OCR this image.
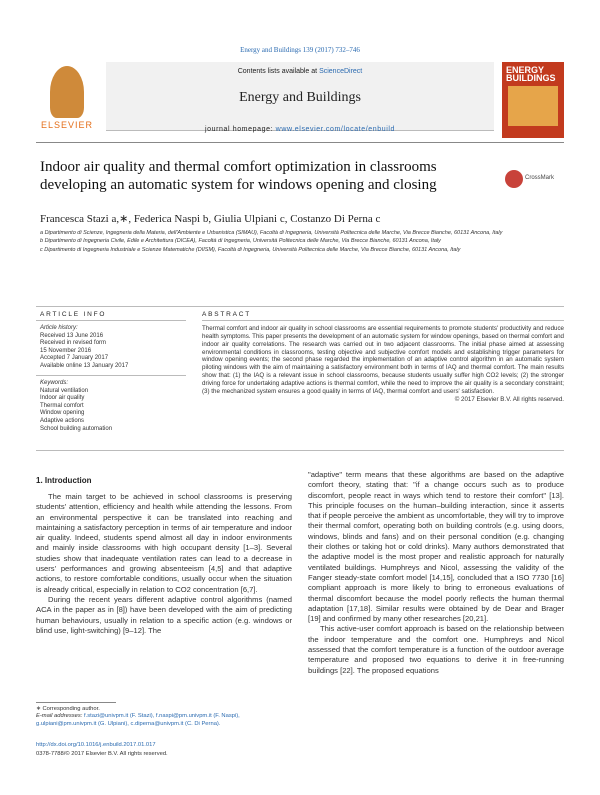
Energy and Buildings 139 (2017) 732–746
ELSEVIER
Contents lists available at ScienceDirect
Energy and Buildings
journal homepage: www.elsevier.com/locate/enbuild
ENERGY BUILDINGS
Indoor air quality and thermal comfort optimization in classrooms developing an automatic system for windows opening and closing	CrossMark
Francesca Stazi a,∗, Federica Naspi b, Giulia Ulpiani c, Costanzo Di Perna c
a Dipartimento di Scienze, Ingegneria della Materia, dell'Ambiente e Urbanistica (SIMAU), Facoltà di Ingegneria, Università Politecnica delle Marche, Via Brecce Bianche, 60131 Ancona, Italy
b Dipartimento di Ingegneria Civile, Edile e Architettura (DICEA), Facoltà di Ingegneria, Università Politecnica delle Marche, Via Brecce Bianche, 60131 Ancona, Italy
c Dipartimento di Ingegneria Industriale e Scienze Matematiche (DIISM), Facoltà di Ingegneria, Università Politecnica delle Marche, Via Brecce Bianche, 60131 Ancona, Italy
ARTICLE INFO	ABSTRACT
Article history:
Received 13 June 2016
Received in revised form
15 November 2016
Accepted 7 January 2017
Available online 13 January 2017
Keywords:
Natural ventilation
Indoor air quality
Thermal comfort
Window opening
Adaptive actions
School building automation
Thermal comfort and indoor air quality in school classrooms are essential requirements to promote students' productivity and reduce health symptoms. This paper presents the development of an automatic system for window openings, based on thermal comfort and indoor air quality correlations. The research was carried out in two adjacent classrooms. The initial phase aimed at assessing environmental conditions in classrooms, testing objective and subjective comfort models and establishing trigger parameters for window opening events; the second phase regarded the implementation of an adaptive control algorithm in an automatic system piloting windows with the aim of maintaining a satisfactory environment both in terms of IAQ and thermal comfort. The main results show that: (1) the IAQ is a relevant issue in school classrooms, because students usually suffer high CO2 levels; (2) the stronger driving force for undertaking adaptive actions is thermal comfort, while the need to improve the air quality is a secondary constraint; (3) the mechanized system ensures a good quality in terms of IAQ, thermal comfort and users' satisfaction.
© 2017 Elsevier B.V. All rights reserved.
1. Introduction

The main target to be achieved in school classrooms is preserving students' attention, efficiency and health while attending the lessons. From an environmental perspective it can be translated into reaching and maintaining a satisfactory perception in terms of air temperature and indoor air quality. Indeed, students spend almost all day in indoor environments and mainly inside classrooms with high occupant density [1–3]. Several studies show that inadequate ventilation rates can lead to a decrease in users' performances and growing absenteeism [4,5] and that adaptive actions, to restore comfortable conditions, usually occur when the situation is already critical, especially in relation to CO2 concentration [6,7].

During the recent years different adaptive control algorithms (named ACA in the paper as in [8]) have been developed with the aim of predicting human behaviours, usually in relation to a specific action (e.g. windows or blind use, light-switching) [9–12]. The

"adaptive" term means that these algorithms are based on the adaptive comfort theory, stating that: "if a change occurs such as to produce discomfort, people react in ways which tend to restore their comfort" [13]. This principle focuses on the human–building interaction, since it asserts that if people perceive the ambient as uncomfortable, they will try to improve their thermal comfort, operating both on building controls (e.g. using doors, windows, blinds and fans) and on their personal condition (e.g. changing their clothes or taking hot or cold drinks). Many authors demonstrated that the adaptive model is the most proper and realistic approach for naturally ventilated buildings. Humphreys and Nicol, assessing the validity of the Fanger steady-state comfort model [14,15], concluded that a ISO 7730 [16] compliant approach is more likely to bring to erroneous evaluations of thermal discomfort because the model poorly reflects the human thermal adaptation [17,18]. Similar results were obtained by de Dear and Brager [19] and confirmed by many other researches [20,21].

This active-user comfort approach is based on the relationship between the indoor temperature and the comfort one. Humphreys and Nicol assessed that the comfort temperature is a function of the outdoor average temperature and proposed two equations to derive it in free-running buildings [22]. The proposed equations

∗ Corresponding author.
E-mail addresses: f.stazi@univpm.it (F. Stazi), f.naspi@pm.univpm.it (F. Naspi), g.ulpiani@pm.univpm.it (G. Ulpiani), c.diperna@univpm.it (C. Di Perna).
http://dx.doi.org/10.1016/j.enbuild.2017.01.017
0378-7788/© 2017 Elsevier B.V. All rights reserved.
